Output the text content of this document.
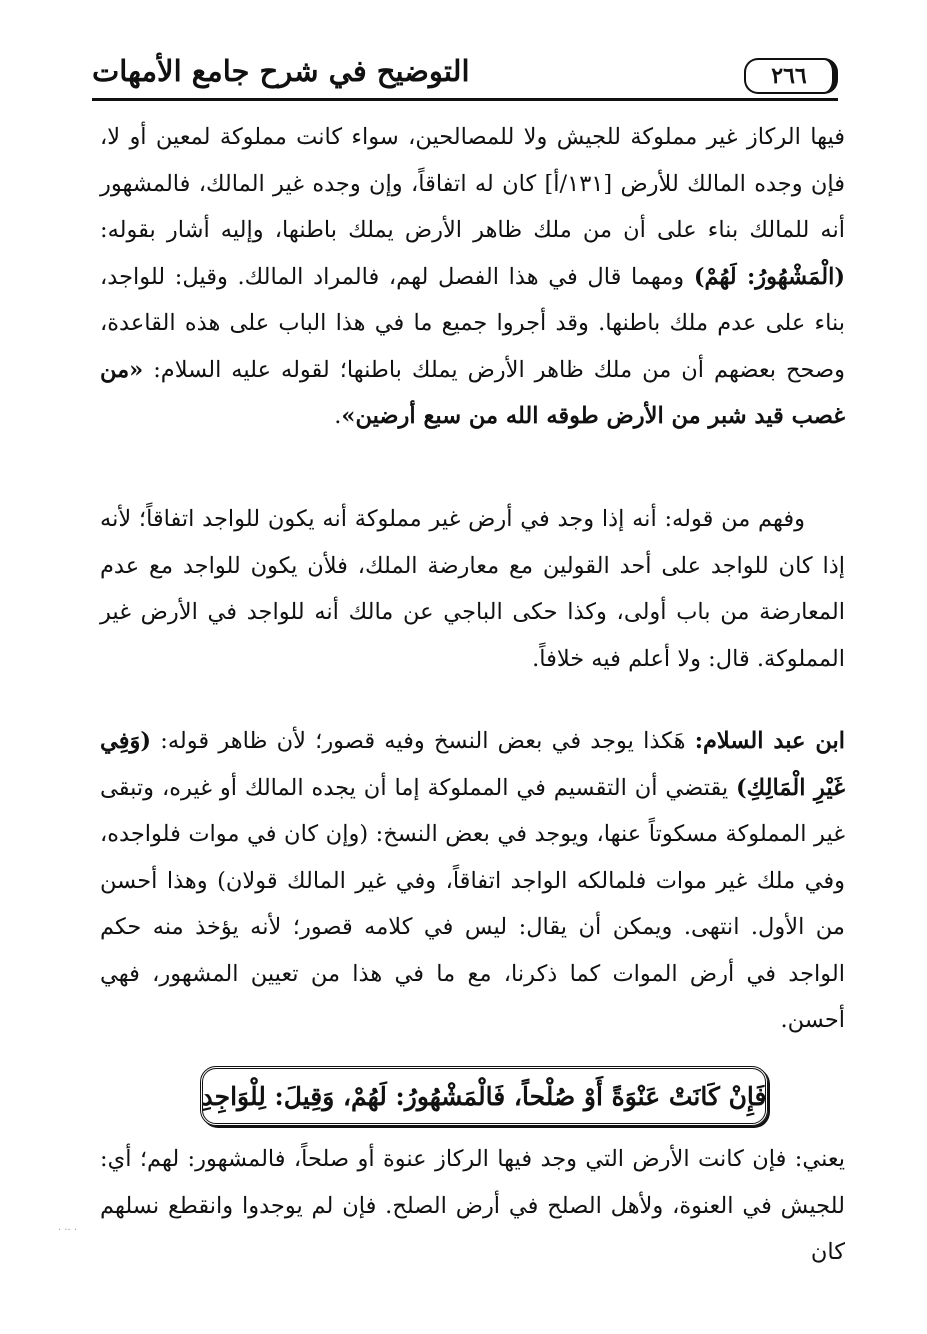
٢٦٦
التوضيح في شرح جامع الأمهات

فيها الركاز غير مملوكة للجيش ولا للمصالحين، سواء كانت مملوكة لمعين أو لا، فإن وجده المالك للأرض [١٣١/أ] كان له اتفاقاً، وإن وجده غير المالك، فالمشهور أنه للمالك بناء على أن من ملك ظاهر الأرض يملك باطنها، وإليه أشار بقوله: (الْمَشْهُورُ: لَهُمْ) ومهما قال في هذا الفصل لهم، فالمراد المالك. وقيل: للواجد، بناء على عدم ملك باطنها. وقد أجروا جميع ما في هذا الباب على هذه القاعدة، وصحح بعضهم أن من ملك ظاهر الأرض يملك باطنها؛ لقوله عليه السلام: «من غصب قيد شبر من الأرض طوقه الله من سبع أرضين».

وفهم من قوله: أنه إذا وجد في أرض غير مملوكة أنه يكون للواجد اتفاقاً؛ لأنه إذا كان للواجد على أحد القولين مع معارضة الملك، فلأن يكون للواجد مع عدم المعارضة من باب أولى، وكذا حكى الباجي عن مالك أنه للواجد في الأرض غير المملوكة. قال: ولا أعلم فيه خلافاً.

ابن عبد السلام: هَكذا يوجد في بعض النسخ وفيه قصور؛ لأن ظاهر قوله: (وَفِي غَيْرِ الْمَالِكِ) يقتضي أن التقسيم في المملوكة إما أن يجده المالك أو غيره، وتبقى غير المملوكة مسكوتاً عنها، ويوجد في بعض النسخ: (وإن كان في موات فلواجده، وفي ملك غير موات فلمالكه الواجد اتفاقاً، وفي غير المالك قولان) وهذا أحسن من الأول. انتهى. ويمكن أن يقال: ليس في كلامه قصور؛ لأنه يؤخذ منه حكم الواجد في أرض الموات كما ذكرنا، مع ما في هذا من تعيين المشهور، فهي أحسن.

فَإِنْ كَانَتْ عَنْوَةً أَوْ صُلْحاً، فَالْمَشْهُورُ: لَهُمْ، وَقِيلَ: لِلْوَاجِدِ

يعني: فإن كانت الأرض التي وجد فيها الركاز عنوة أو صلحاً، فالمشهور: لهم؛ أي: للجيش في العنوة، ولأهل الصلح في أرض الصلح. فإن لم يوجدوا وانقطع نسلهم كان

. .. .
